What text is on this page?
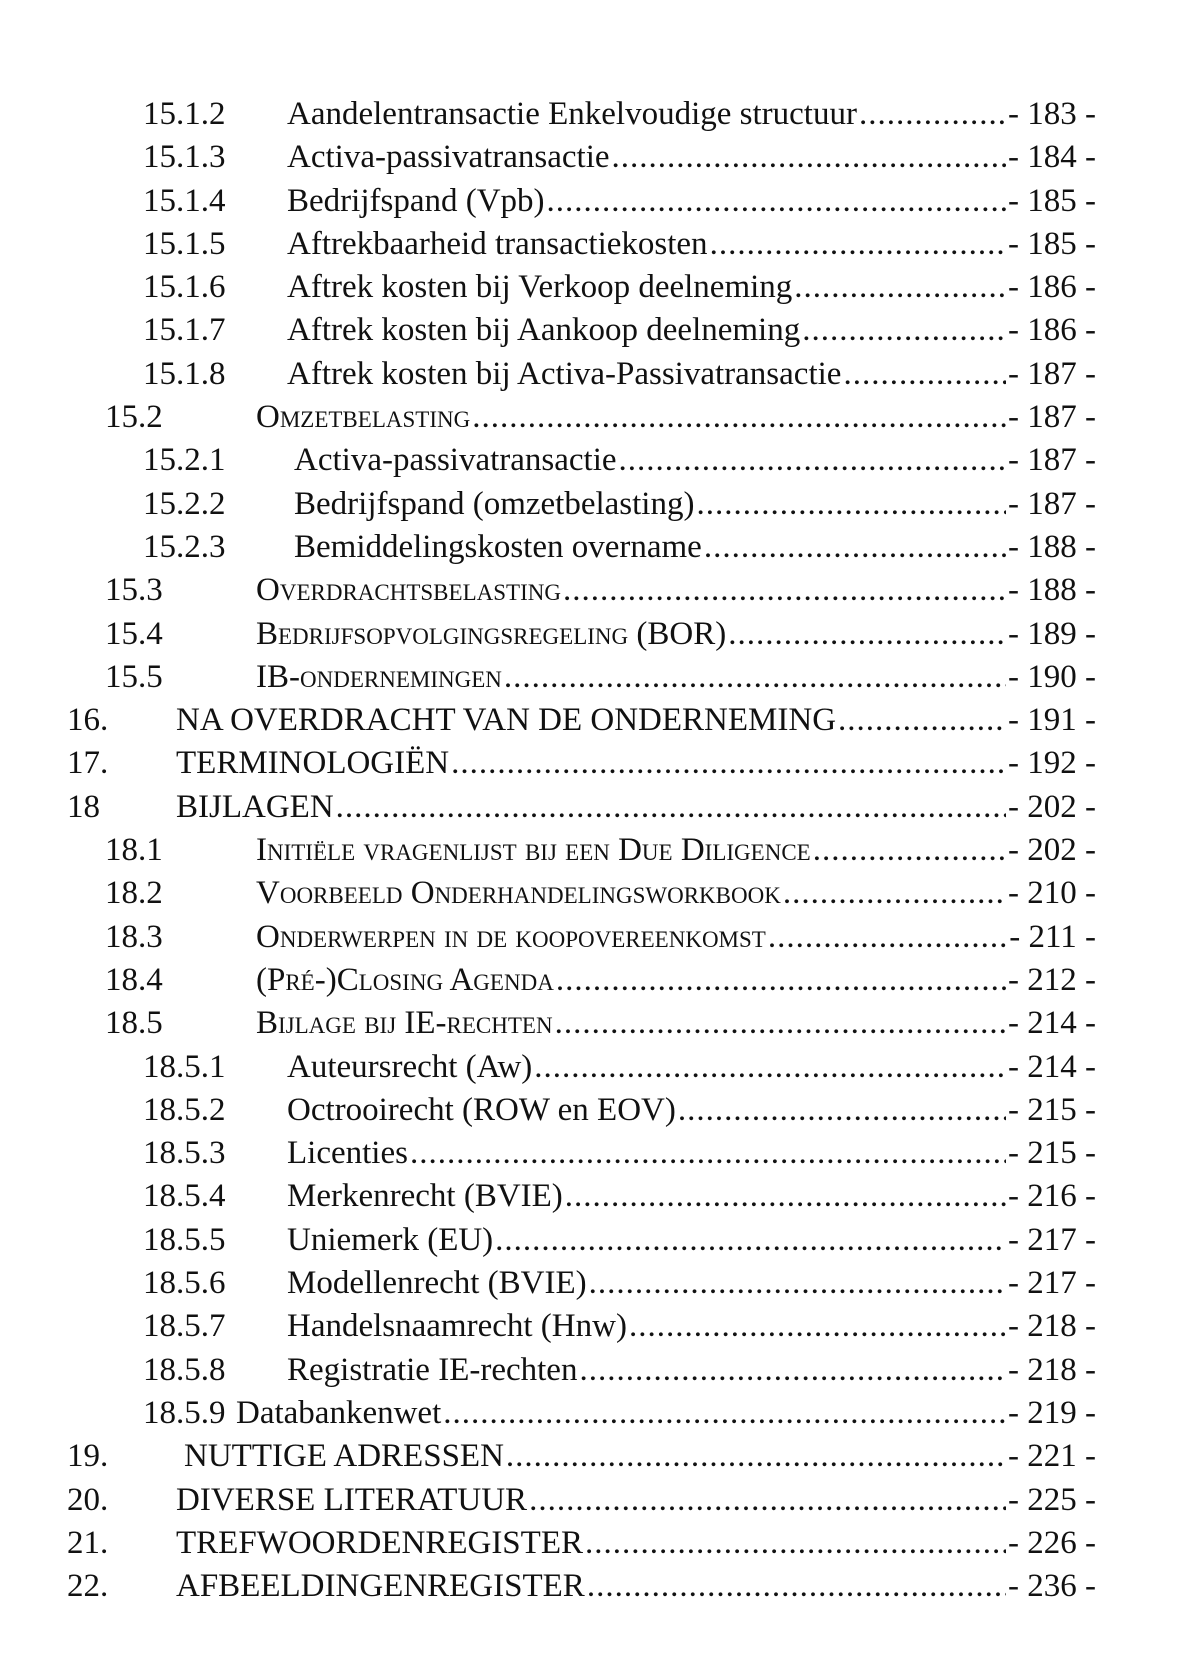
15.1.2 Aandelentransactie Enkelvoudige structuur .....	- 183 -
15.1.3 Activa-passivatransactie .....	- 184 -
15.1.4 Bedrijfspand (Vpb) .....	- 185 -
15.1.5 Aftrekbaarheid transactiekosten .....	- 185 -
15.1.6 Aftrek kosten bij Verkoop deelneming .....	- 186 -
15.1.7 Aftrek kosten bij Aankoop deelneming .....	- 186 -
15.1.8 Aftrek kosten bij Activa-Passivatransactie .....	- 187 -
15.2	Omzetbelasting .....	- 187 -
15.2.1 Activa-passivatransactie .....	- 187 -
15.2.2 Bedrijfspand (omzetbelasting) .....	- 187 -
15.2.3 Bemiddelingskosten overname .....	- 188 -
15.3	Overdrachtsbelasting .....	- 188 -
15.4	Bedrijfsopvolgingsregeling (BOR) .....	- 189 -
15.5	IB-ondernemingen .....	- 190 -
16. NA OVERDRACHT VAN DE ONDERNEMING .....	- 191 -
17. TERMINOLOGIËN .....	- 192 -
18 BIJLAGEN .....	- 202 -
18.1	Initiële vragenlijst bij een Due Diligence .....	- 202 -
18.2	Voorbeeld Onderhandelingsworkbook .....	- 210 -
18.3	Onderwerpen in de koopovereenkomst .....	- 211 -
18.4	(Pré-)Closing Agenda .....	- 212 -
18.5	Bijlage bij IE-rechten .....	- 214 -
18.5.1 Auteursrecht (Aw) .....	- 214 -
18.5.2 Octrooirecht (ROW en EOV) .....	- 215 -
18.5.3 Licenties .....	- 215 -
18.5.4 Merkenrecht (BVIE) .....	- 216 -
18.5.5 Uniemerk (EU) .....	- 217 -
18.5.6 Modellenrecht (BVIE) .....	- 217 -
18.5.7 Handelsnaamrecht (Hnw) .....	- 218 -
18.5.8 Registratie IE-rechten .....	- 218 -
18.5.9 Databankenwet .....	- 219 -
19. NUTTIGE ADRESSEN .....	- 221 -
20. DIVERSE LITERATUUR .....	- 225 -
21. TREFWOORDENREGISTER .....	- 226 -
22. AFBEELDINGENREGISTER .....	- 236 -
